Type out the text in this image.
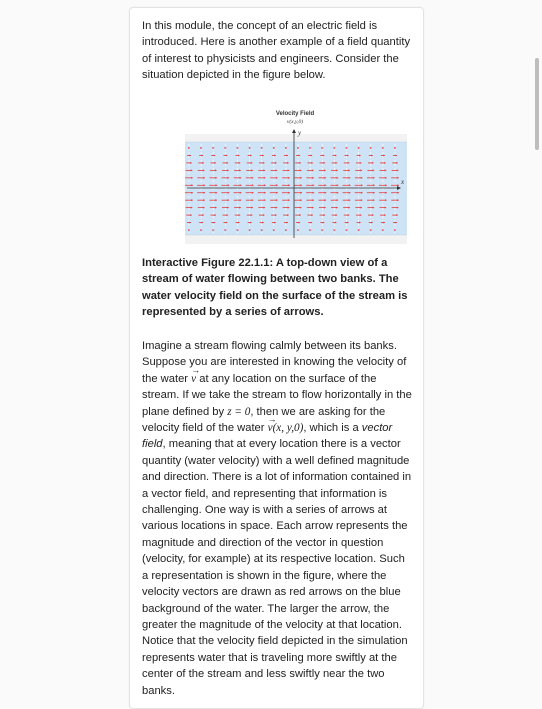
In this module, the concept of an electric field is introduced. Here is another example of a field quantity of interest to physicists and engineers. Consider the situation depicted in the figure below.

Velocity Field
v(x,y,0)
y
x

Interactive Figure 22.1.1: A top-down view of a stream of water flowing between two banks. The water velocity field on the surface of the stream is represented by a series of arrows.

Imagine a stream flowing calmly between its banks. Suppose you are interested in knowing the velocity of the water → v at any location on the surface of the stream. If we take the stream to flow horizontally in the plane defined by z = 0, then we are asking for the velocity field of the water → v(x, y,0), which is a vector field, meaning that at every location there is a vector quantity (water velocity) with a well defined magnitude and direction. There is a lot of information contained in a vector field, and representing that information is challenging. One way is with a series of arrows at various locations in space. Each arrow represents the magnitude and direction of the vector in question (velocity, for example) at its respective location. Such a representation is shown in the figure, where the velocity vectors are drawn as red arrows on the blue background of the water. The larger the arrow, the greater the magnitude of the velocity at that location. Notice that the velocity field depicted in the simulation represents water that is traveling more swiftly at the center of the stream and less swiftly near the two banks.
